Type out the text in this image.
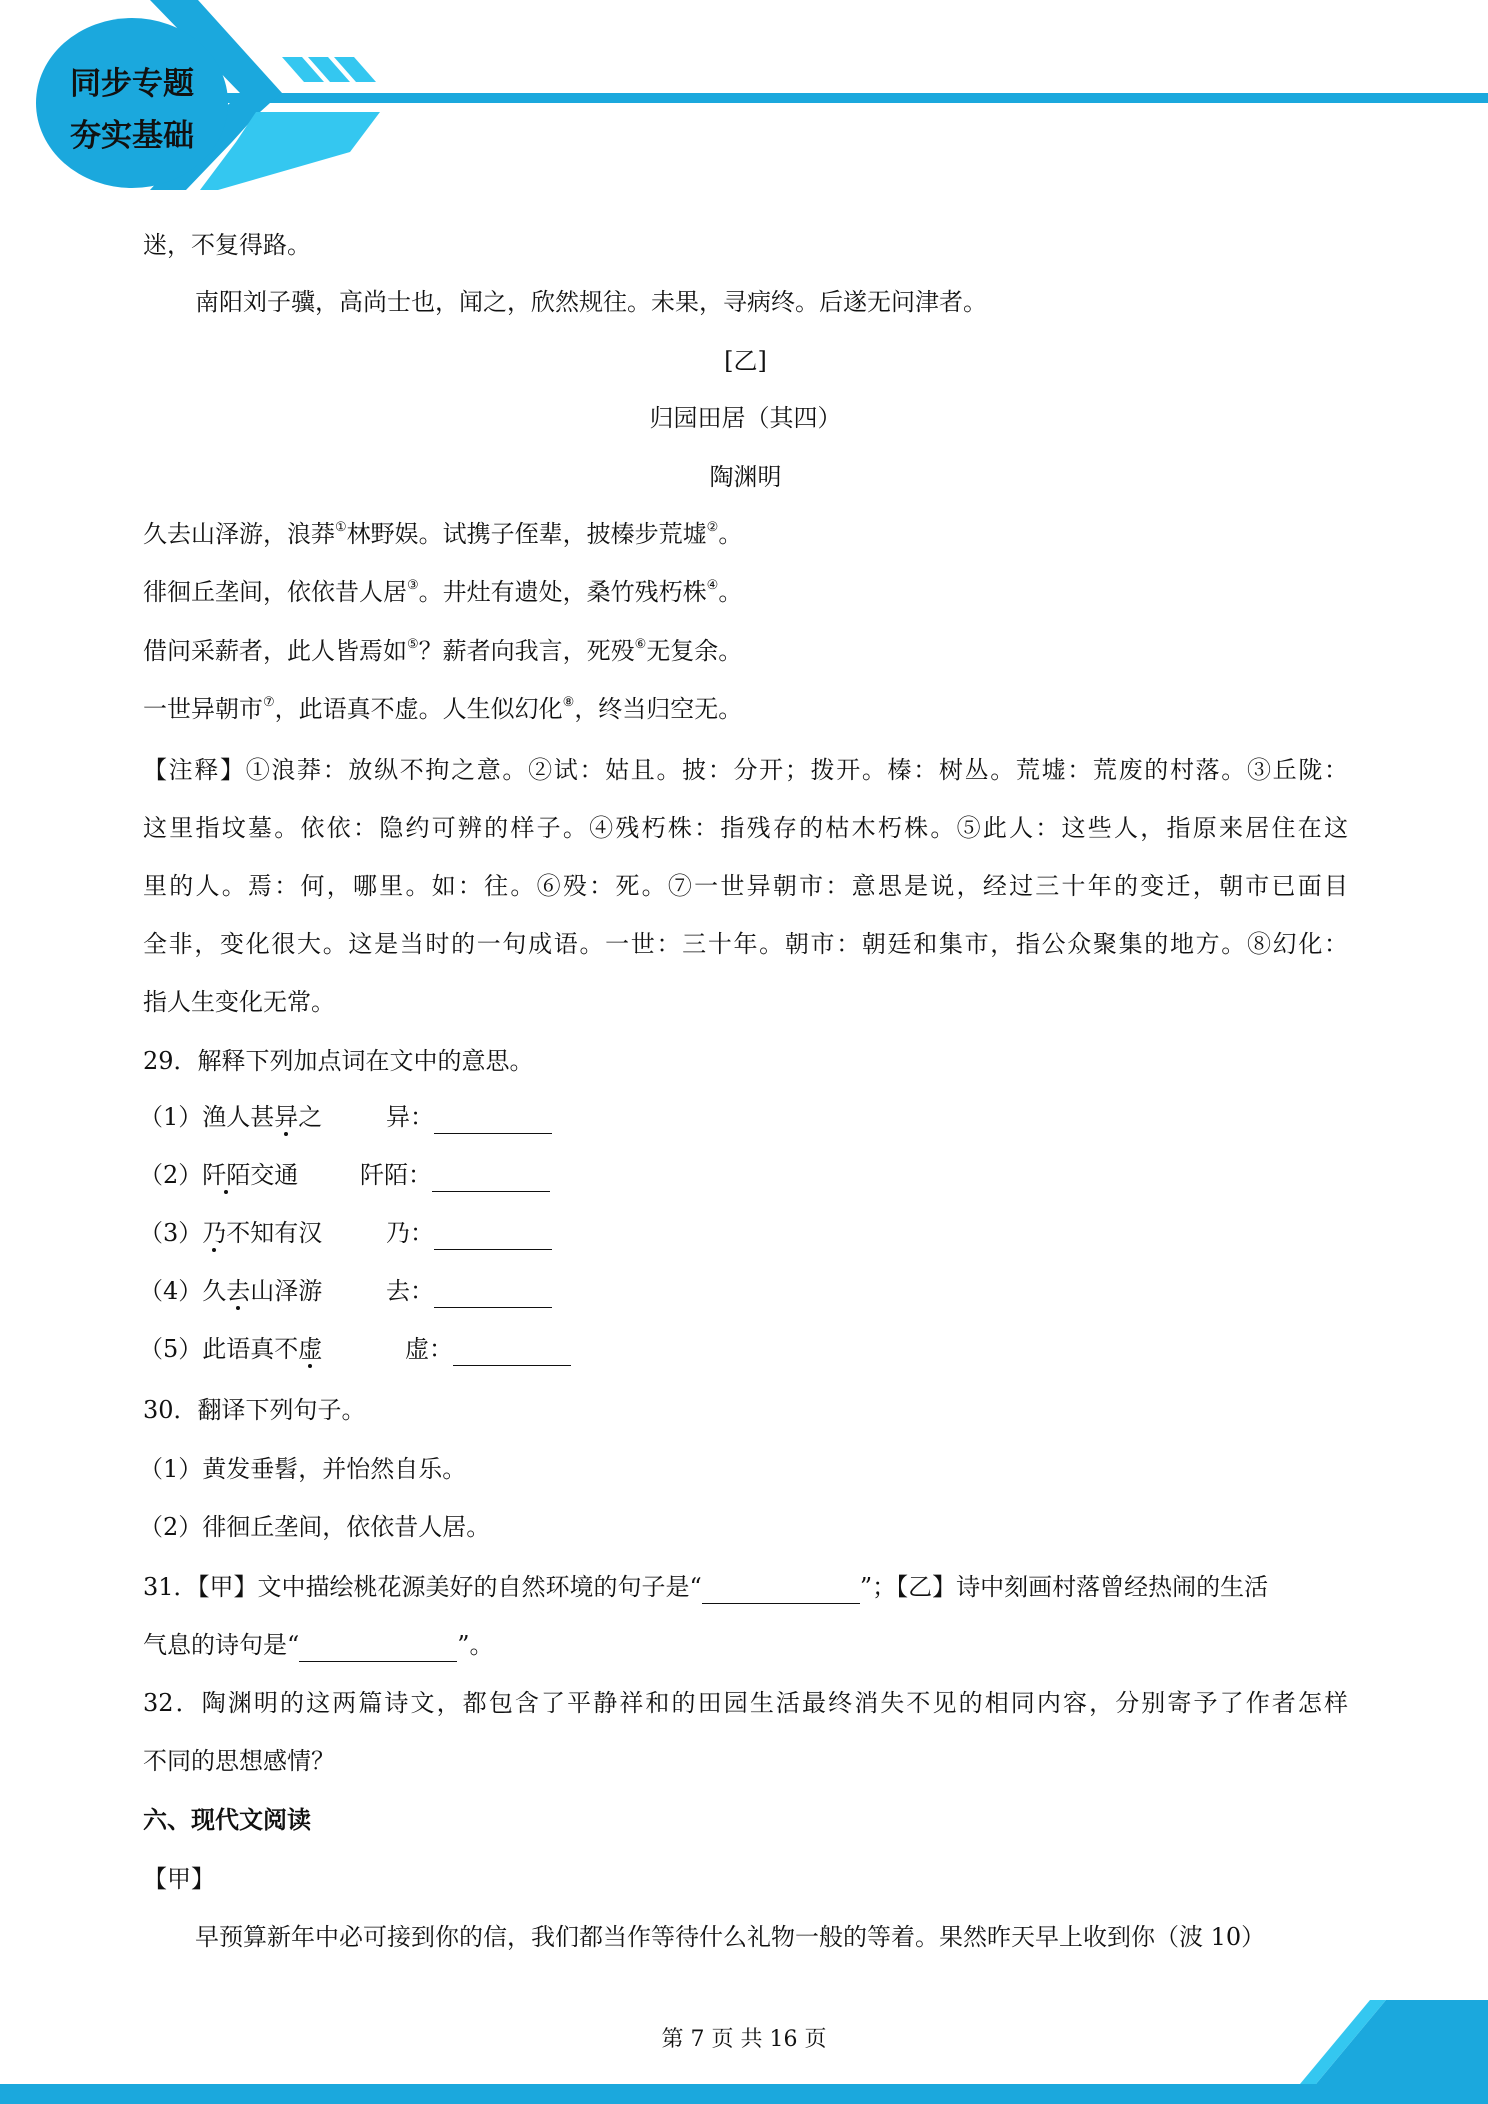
同步专题
夯实基础
迷，不复得路。
南阳刘子骥，高尚士也，闻之，欣然规往。未果，寻病终。后遂无问津者。
[乙]
归园田居（其四）
陶渊明
久去山泽游，浪莽①林野娱。试携子侄辈，披榛步荒墟②。
徘徊丘垄间，依依昔人居③。井灶有遗处，桑竹残朽株④。
借问采薪者，此人皆焉如⑤？薪者向我言，死殁⑥无复余。
一世异朝市⑦，此语真不虚。人生似幻化⑧，终当归空无。
【注释】①浪莽：放纵不拘之意。②试：姑且。披：分开；拨开。榛：树丛。荒墟：荒废的村落。③丘陇：
这里指坟墓。依依：隐约可辨的样子。④残朽株：指残存的枯木朽株。⑤此人：这些人，指原来居住在这
里的人。焉：何，哪里。如：往。⑥殁：死。⑦一世异朝市：意思是说，经过三十年的变迁，朝市已面目
全非，变化很大。这是当时的一句成语。一世：三十年。朝市：朝廷和集市，指公众聚集的地方。⑧幻化：
指人生变化无常。
29．解释下列加点词在文中的意思。
（1）渔人甚异之	异：
（2）阡陌交通	阡陌：
（3）乃不知有汉	乃：
（4）久去山泽游	去：
（5）此语真不虚	虚：
30．翻译下列句子。
（1）黄发垂髫，并怡然自乐。
（2）徘徊丘垄间，依依昔人居。
31．【甲】文中描绘桃花源美好的自然环境的句子是“	”；【乙】诗中刻画村落曾经热闹的生活
气息的诗句是“	”。
32．陶渊明的这两篇诗文，都包含了平静祥和的田园生活最终消失不见的相同内容，分别寄予了作者怎样
不同的思想感情？
六、现代文阅读
【甲】
早预算新年中必可接到你的信，我们都当作等待什么礼物一般的等着。果然昨天早上收到你（波 10）
第 7 页 共 16 页
